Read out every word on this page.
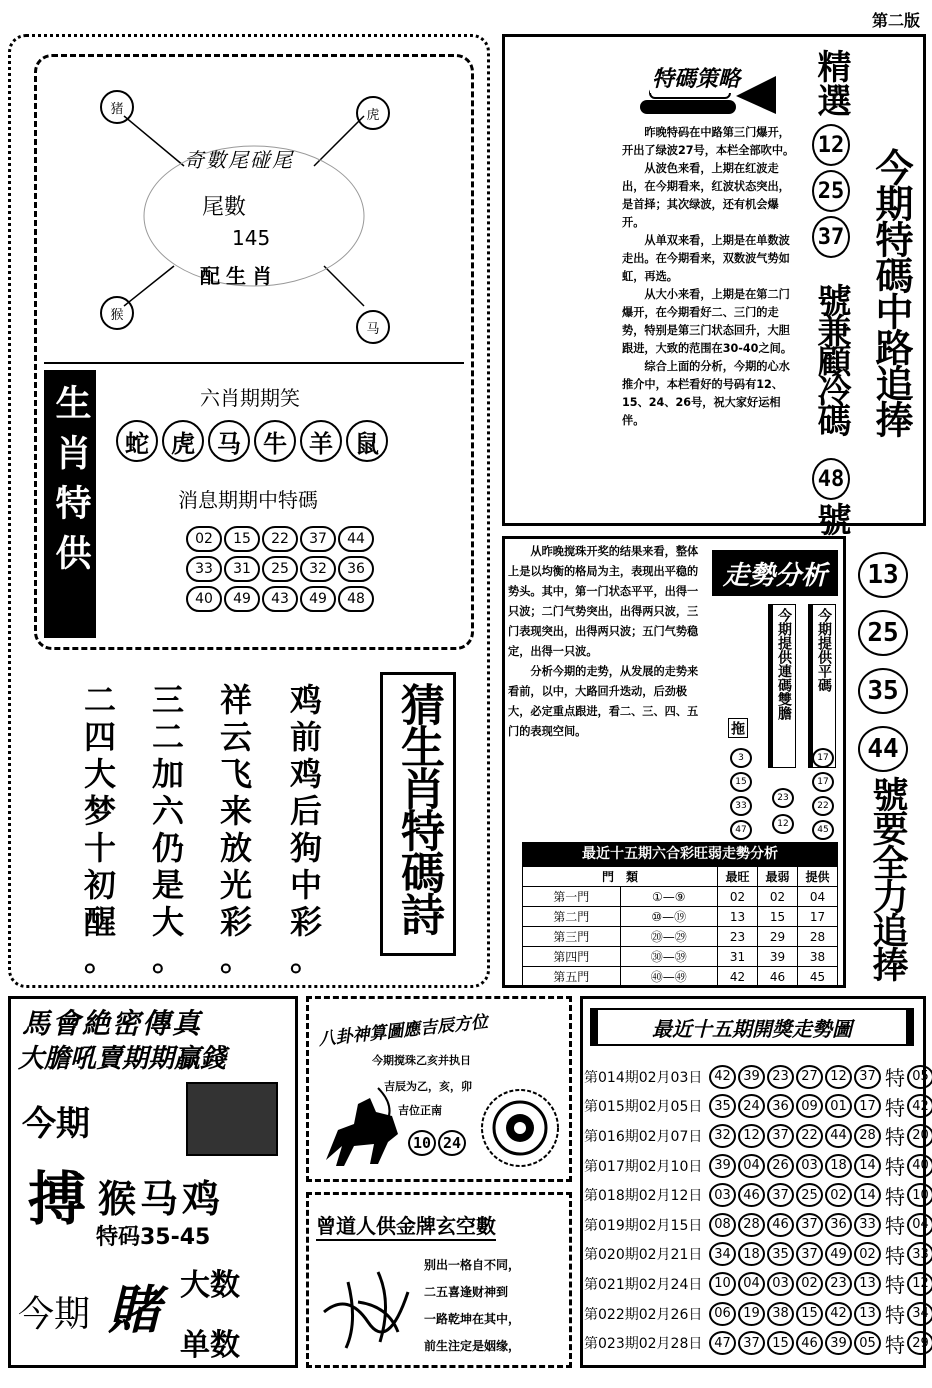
第二版
猪	虎
猴
马
奇數尾碰尾
尾數
145
配生肖
生肖特供	六肖期期笑
蛇 虎 马 牛 羊 鼠
消息期期中特碼
02	15	22	37	44
33	31	25	32	36
40	49	43	49	48
二
四
大
梦
十
初
醒
。
三
二
加
六
仍
是
大
。
祥
云
飞
来
放
光
彩
。
鸡
前
鸡
后
狗
中
彩
。
猜生肖特碼詩
特碼策略

昨晚特码在中路第三门爆开，开出了绿波27号，本栏全部吹中。

从波色来看，上期在红波走出，在今期看来，红波状态突出，是首择；其次绿波，还有机会爆开。

从单双来看，上期是在单数波走出。在今期看来，双数波气势如虹，再选。

从大小来看，上期是在第二门爆开，在今期看好二、三门的走势，特别是第三门状态回升，大胆跟进，大致的范围在30-40之间。

综合上面的分析，今期的心水推介中，本栏看好的号码有12、15、24、26号，祝大家好运相伴。

精選
12 25 37
號兼顧冷碼
48
號
今期特碼中路追捧

从昨晚搅珠开奖的结果来看，整体上是以均衡的格局为主，表现出平稳的势头。其中，第一门状态平平，出得一只波；二门气势突出，出得两只波，三门表现突出，出得两只波；五门气势稳定，出得一只波。

分析今期的走势，从发展的走势来看前，以中，大路回升迭动，后劲极大，必定重点跟进，看二、三、四、五门的表现空间。

走勢分析
拖
今期提供連碼雙膽 今期提供平碼
3
15
33
47
23
12
17
17
22
45
13 25 35 44
號要全力追捧
最近十五期六合彩旺弱走勢分析
門　類		最旺	最弱	提供
第一門	①—⑨	02	02	04
第二門	⑩—⑲	13	15	17
第三門	⑳—㉙	23	29	28
第四門	㉚—㊴	31	39	38
第五門	㊵—㊾	42	46	45
馬會絶密傳真
大膽吼賣期期贏錢
今期
搏 猴马鸡
特码35-45
今期 賭 大数
单数
八卦神算圖應吉辰方位
今期搅珠乙亥并执日
吉辰为乙，亥，卯
吉位正南
10 24
曾道人供金牌玄空數
别出一格自不同，
二五喜逢财神到
一路乾坤在其中，
前生注定是姻缘，
最近十五期開獎走勢圖
第014期02月03日 42 39 23 27 12 37 特 05
第015期02月05日 35 24 36 09 01 17 特 42
第016期02月07日 32 12 37 22 44 28 特 20
第017期02月10日 39 04 26 03 18 14 特 40
第018期02月12日 03 46 37 25 02 14 特 10
第019期02月15日 08 28 46 37 36 33 特 04
第020期02月21日 34 18 35 37 49 02 特 33
第021期02月24日 10 04 03 02 23 13 特 12
第022期02月26日 06 19 38 15 42 13 特 34
第023期02月28日 47 37 15 46 39 05 特 29
